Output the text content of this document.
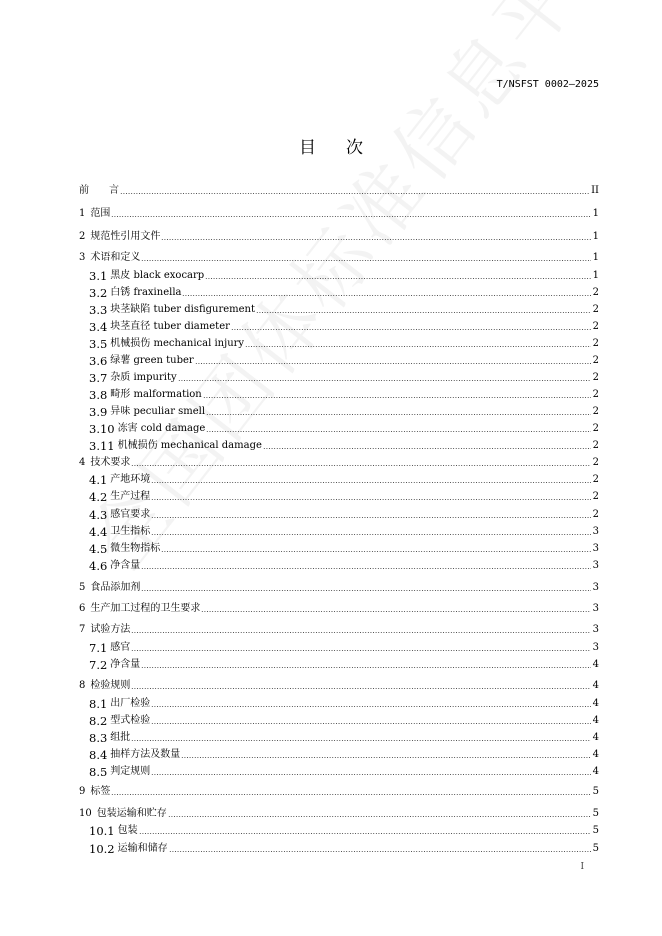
T/NSFST 0002—2025
目次
前　　言	II
1 范围	1
2 规范性引用文件	1
3 术语和定义	1
3.1 黑皮 black exocarp	1
3.2 白锈 fraxinella	2
3.3 块茎缺陷 tuber disfigurement	2
3.4 块茎直径 tuber diameter	2
3.5 机械损伤 mechanical injury	2
3.6 绿薯 green tuber	2
3.7 杂质 impurity	2
3.8 畸形 malformation	2
3.9 异味 peculiar smell	2
3.10 冻害 cold damage	2
3.11 机械损伤 mechanical damage	2
4 技术要求	2
4.1 产地环境	2
4.2 生产过程	2
4.3 感官要求	2
4.4 卫生指标	3
4.5 微生物指标	3
4.6 净含量	3
5 食品添加剂	3
6 生产加工过程的卫生要求	3
7 试验方法	3
7.1 感官	3
7.2 净含量	4
8 检验规则	4
8.1 出厂检验	4
8.2 型式检验	4
8.3 组批	4
8.4 抽样方法及数量	4
8.5 判定规则	4
9 标签	5
10 包装运输和贮存	5
10.1 包装	5
10.2 运输和储存	5
I
